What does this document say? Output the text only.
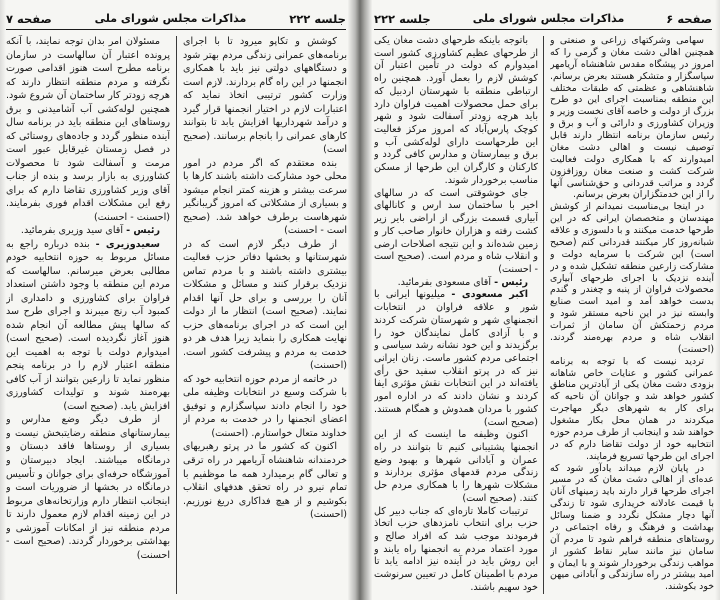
صفحه ۷	مذاکرات مجلس شورای ملی	جلسه ۲۲۲

کوشش و تکاپو میرود تا با اجرای برنامه‌های عمرانی زندگی مردم بهتر شود و دستگاههای دولتی نیز باید با همکاری انجمنها در این راه گام بردارند. لازم است وزارت کشور ترتیبی اتخاذ نماید که اعتبارات لازم در اختیار انجمنها قرار گیرد و درآمد شهرداریها افزایش یابد تا بتوانند کارهای عمرانی را بانجام برسانند. (صحیح است)

بنده معتقدم که اگر مردم در امور محلی خود مشارکت داشته باشند کارها با سرعت بیشتر و هزینه کمتر انجام میشود و بسیاری از مشکلاتی که امروز گریبانگیر شهرهاست برطرف خواهد شد. (صحیح است - احسنت)

از طرف دیگر لازم است که در شهرستانها و بخشها دفاتر حزب فعالیت بیشتری داشته باشند و با مردم تماس نزدیک برقرار کنند و مسائل و مشکلات آنان را بررسی و برای حل آنها اقدام نمایند. (صحیح است) انتظار ما از دولت این است که در اجرای برنامه‌های حزب نهایت همکاری را بنماید زیرا هدف هر دو خدمت به مردم و پیشرفت کشور است. (احسنت)

در خاتمه از مردم حوزه انتخابیه خود که با شرکت وسیع در انتخابات وظیفه ملی خود را انجام دادند سپاسگزارم و توفیق اعضای انجمنها را در خدمت به مردم از خداوند متعال خواستارم. (احسنت)

اکنون که کشور ما در پرتو رهبریهای خردمندانه شاهنشاه آریامهر در راه ترقی و تعالی گام برمیدارد همه ما موظفیم با تمام نیرو در راه تحقق هدفهای انقلاب بکوشیم و از هیچ فداکاری دریغ نورزیم. (احسنت)

مسئولان امر بدان توجه نمایند، با آنکه پرونده اعتبار آن سالهاست در سازمان برنامه مطرح است هنوز اقدامی صورت نگرفته و مردم منطقه انتظار دارند که هرچه زودتر کار ساختمان آن شروع شود. همچنین لوله‌کشی آب آشامیدنی و برق روستاهای این منطقه باید در برنامه سال آینده منظور گردد و جاده‌های روستائی که در فصل زمستان غیرقابل عبور است مرمت و آسفالت شود تا محصولات کشاورزی به بازار برسد و بنده از جناب آقای وزیر کشاورزی تقاضا دارم که برای رفع این مشکلات اقدام فوری بفرمایند. (احسنت - احسنت)

رئیس - آقای سید وزیری بفرمائید.

سعیدوزیری - بنده درباره راجع به مسائل مربوط به حوزه انتخابیه خودم مطالبی بعرض میرسانم. سالهاست که مردم این منطقه با وجود داشتن استعداد فراوان برای کشاورزی و دامداری از کمبود آب رنج میبرند و اجرای طرح سد که سالها پیش مطالعه آن انجام شده هنوز آغاز نگردیده است. (صحیح است) امیدوارم دولت با توجه به اهمیت این منطقه اعتبار لازم را در برنامه پنجم منظور نماید تا زارعین بتوانند از آب کافی بهره‌مند شوند و تولیدات کشاورزی افزایش یابد. (صحیح است)

از طرف دیگر وضع مدارس و بیمارستانهای منطقه رضایتبخش نیست و بسیاری از روستاها فاقد دبستان و درمانگاه میباشند. ایجاد دبیرستان و آموزشگاه حرفه‌ای برای جوانان و تأسیس درمانگاه در بخشها از ضروریات است و اینجانب انتظار دارم وزارتخانه‌های مربوط در این زمینه اقدام لازم معمول دارند تا مردم منطقه نیز از امکانات آموزشی و بهداشتی برخوردار گردند. (صحیح است - احسنت)

جلسه ۲۲۲	مذاکرات مجلس شورای ملی	صفحه ۶

سهامی وشرکتهای زراعی و صنعتی و همچنین اهالی دشت مغان و گرمی را که امروز در پیشگاه مقدس شاهنشاه آریامهر سپاسگزار و متشکر هستند بعرض برسانم. شاهنشاهی و عظمتی که طبقات مختلف این منطقه بمناسبت اجرای این دو طرح بزرگ از دولت و خاصه آقای نخست وزیر و وزیران کشاورزی و دارائی و آب و برق و رئیس سازمان برنامه انتظار دارند قابل توصیف نیست و اهالی دشت مغان امیدوارند که با همکاری دولت فعالیت شرکت کشت و صنعت مغان روزافزون گردد و مراتب قدردانی و حق‌شناسی آنها را از این خدمتگزاران بعرض برسانم.

در اینجا بی‌مناسبت نمیدانم از کوشش مهندسان و متخصصان ایرانی که در این طرحها خدمت میکنند و با دلسوزی و علاقه شبانه‌روز کار میکنند قدردانی کنم (صحیح است) این شرکت با سرمایه دولت و مشارکت زارعین منطقه تشکیل شده و در آینده نزدیک با اجرای طرحهای آبیاری محصولات فراوان از پنبه و چغندر و گندم بدست خواهد آمد و امید است صنایع وابسته نیز در این ناحیه مستقر شود و مردم زحمتکش آن سامان از ثمرات انقلاب شاه و مردم بهره‌مند گردند. (احسنت)

تردید نیست که با توجه به برنامه عمرانی کشور و عنایات خاص شاهانه بزودی دشت مغان یکی از آبادترین مناطق کشور خواهد شد و جوانان آن ناحیه که برای کار به شهرهای دیگر مهاجرت میکردند در همان محل بکار مشغول خواهند شد و اینجانب از طرف مردم حوزه انتخابیه خود از دولت تقاضا دارم که در اجرای این طرحها تسریع فرمایند.

در پایان لازم میداند یادآور شود که عده‌ای از اهالی دشت مغان که در مسیر اجرای طرحها قرار دارند باید زمینهای آنان با قیمت عادلانه خریداری شود تا زندگی آنها دچار مشکل نگردد و ضمنا وسائل بهداشت و فرهنگ و رفاه اجتماعی در روستاهای منطقه فراهم شود تا مردم آن سامان نیز مانند سایر نقاط کشور از مواهب زندگی برخوردار شوند و با ایمان و امید بیشتر در راه سازندگی و آبادانی میهن خود بکوشند.

باتوجه باینکه طرحهای دشت مغان یکی از طرحهای عظیم کشاورزی کشور است امیدوارم که دولت در تأمین اعتبار آن کوشش لازم را بعمل آورد. همچنین راه ارتباطی منطقه با شهرستان اردبیل که برای حمل محصولات اهمیت فراوان دارد باید هرچه زودتر آسفالت شود و شهر کوچک پارس‌آباد که امروز مرکز فعالیت این طرحهاست دارای لوله‌کشی آب و برق و بیمارستان و مدارس کافی گردد و کارکنان و کارگران این طرحها از مسکن مناسب برخوردار شوند.

جای خوشوقتی است که در سالهای اخیر با ساختمان سد ارس و کانالهای آبیاری قسمت بزرگی از اراضی بایر زیر کشت رفته و هزاران خانوار صاحب کار و زمین شده‌اند و این نتیجه اصلاحات ارضی و انقلاب شاه و مردم است. (صحیح است - احسنت)

رئیس - آقای مسعودی بفرمائید.

اکبر مسعودی - میلیونها ایرانی با شور و علاقه فراوان در انتخابات انجمنهای شهر و شهرستان شرکت کردند و با آزادی کامل نمایندگان خود را برگزیدند و این خود نشانه رشد سیاسی و اجتماعی مردم کشور ماست. زنان ایرانی نیز که در پرتو انقلاب سفید حق رأی یافته‌اند در این انتخابات نقش مؤثری ایفا کردند و نشان دادند که در اداره امور کشور با مردان همدوش و همگام هستند. (صحیح است)

اکنون وظیفه ما اینست که از این انجمنها پشتیبانی کنیم تا بتوانند در راه عمران و آبادانی شهرها و بهبود وضع زندگی مردم قدمهای مؤثری بردارند و مشکلات شهرها را با همکاری مردم حل کنند. (صحیح است)

ترتیبات کاملا تازه‌ای که جناب دبیر کل حزب برای انتخاب نامزدهای حزب اتخاذ فرمودند موجب شد که افراد صالح و مورد اعتماد مردم به انجمنها راه یابند و این روش باید در آینده نیز ادامه یابد تا مردم با اطمینان کامل در تعیین سرنوشت خود سهیم باشند.
